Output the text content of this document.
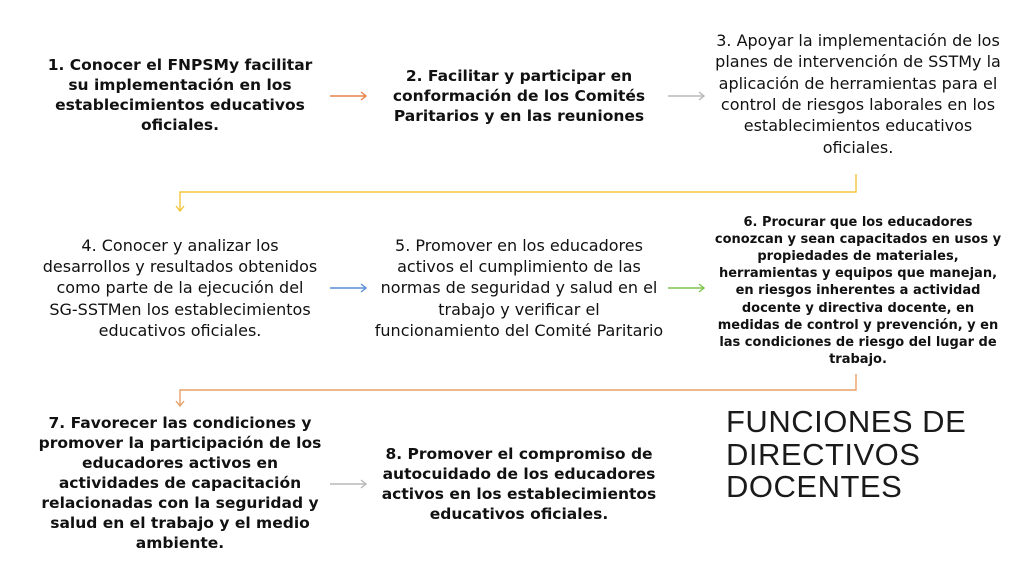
1. Conocer el FNPSMy facilitar su implementación en los establecimientos educativos oficiales.
2. Facilitar y participar en conformación de los Comités Paritarios y en las reuniones
3. Apoyar la implementación de los planes de intervención de SSTMy la aplicación de herramientas para el control de riesgos laborales en los establecimientos educativos oficiales.
4. Conocer y analizar los desarrollos y resultados obtenidos como parte de la ejecución del SG-SSTMen los establecimientos educativos oficiales.
5. Promover en los educadores activos el cumplimiento de las normas de seguridad y salud en el trabajo y verificar el funcionamiento del Comité Paritario
6. Procurar que los educadores conozcan y sean capacitados en usos y propiedades de materiales, herramientas y equipos que manejan, en riesgos inherentes a actividad docente y directiva docente, en medidas de control y prevención, y en las condiciones de riesgo del lugar de trabajo.
7. Favorecer las condiciones y promover la participación de los educadores activos en actividades de capacitación relacionadas con la seguridad y salud en el trabajo y el medio ambiente.
8. Promover el compromiso de autocuidado de los educadores activos en los establecimientos educativos oficiales.
FUNCIONES DE DIRECTIVOS DOCENTES
